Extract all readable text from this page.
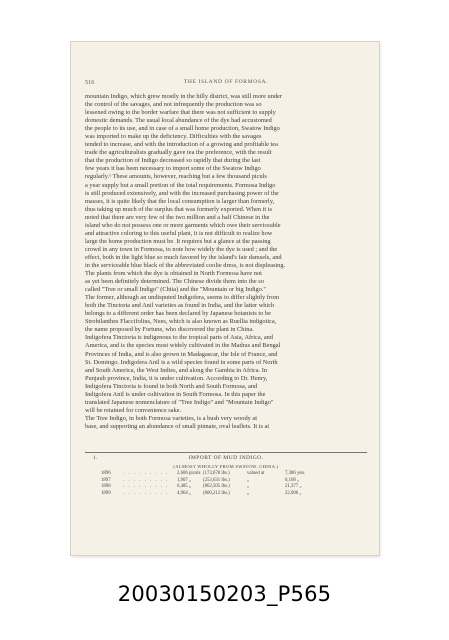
516	THE ISLAND OF FORMOSA.
mountain Indigo, which grew mostly in the hilly district, was still more under
the control of the savages, and not infrequently the production was so
lessened owing to the border warfare that there was not sufficient to supply
domestic demands. The usual local abundance of the dye had accustomed
the people to its use, and in case of a small home production, Swatow Indigo
was imported to make up the deficiency. Difficulties with the savages
tended to increase, and with the introduction of a growing and profitable tea
trade the agriculturalists gradually gave tea the preference, with the result
that the production of Indigo decreased so rapidly that during the last
few years it has been necessary to import some of the Swatow Indigo
regularly.¹ These amounts, however, reaching but a few thousand piculs
a year supply but a small portion of the total requirements. Formosa Indigo
is still produced extensively, and with the increased purchasing power of the
masses, it is quite likely that the local consumption is larger than formerly,
thus taking up much of the surplus that was formerly exported. When it is
noted that there are very few of the two million and a half Chinese in the
island who do not possess one or more garments which owe their serviceable
and attractive coloring to this useful plant, it is not difficult to realize how
large the home production must be. It requires but a glance at the passing
crowd in any town in Formosa, to note how widely the dye is used ; and the
effect, both in the light blue so much favored by the island's fair damsels, and
in the serviceable blue black of the abbreviated coolie dress, is not displeasing.
The plants from which the dye is obtained in North Formosa have not
as yet been definitely determined. The Chinese divide them into the so
called "Tree or small Indigo" (Chiia) and the "Mountain or big Indigo."
The former, although an undisputed Indigofera, seems to differ slightly from
both the Tinctoria and Anil varieties as found in India, and the latter which
belongs to a different order has been declared by Japanese botanists to be
Strobilanthes Flaccifolius, Nees, which is also known as Ruellia indigotica,
the name proposed by Fortune, who discovered the plant in China.
Indigofera Tinctoria is indigenous to the tropical parts of Asia, Africa, and
America, and is the species most widely cultivated in the Madras and Bengal
Provinces of India, and is also grown in Madagascar, the Isle of France, and
St. Domingo. Indigofera Anil is a wild species found in some parts of North
and South America, the West Indies, and along the Gambia in Africa. In
Punjaub province, India, it is under cultivation. According to Dr. Henry,
Indigofera Tinctoria is found in both North and South Formosa, and
Indigofera Anil is under cultivation in South Formosa. In this paper the
translated Japanese nomenclature of "Tree Indigo" and "Mountain Indigo"
will be retained for convenience sake.
The Tree Indigo, in both Formosa varieties, is a bush very woody at
base, and supporting an abundance of small pinnate, oval leaflets. It is at
1.	IMPORT OF MUD INDIGO.
(ALMOST WHOLLY FROM SWATOW, CHINA.)
1896	. . . . . . . . . 2,606 piculs (173,678 lbs.)	valued at	7,386 yen.
1897	. . . . . . . . . 1,907 „ (253,631 lbs.)	„	6,168 „
1898	. . . . . . . . . 6,485 „ (862,505 lbs.)	„	21,377 „
1899	. . . . . . . . . 4,964 „ (660,212 lbs.)	„	22,006 „
20030150203_P565
